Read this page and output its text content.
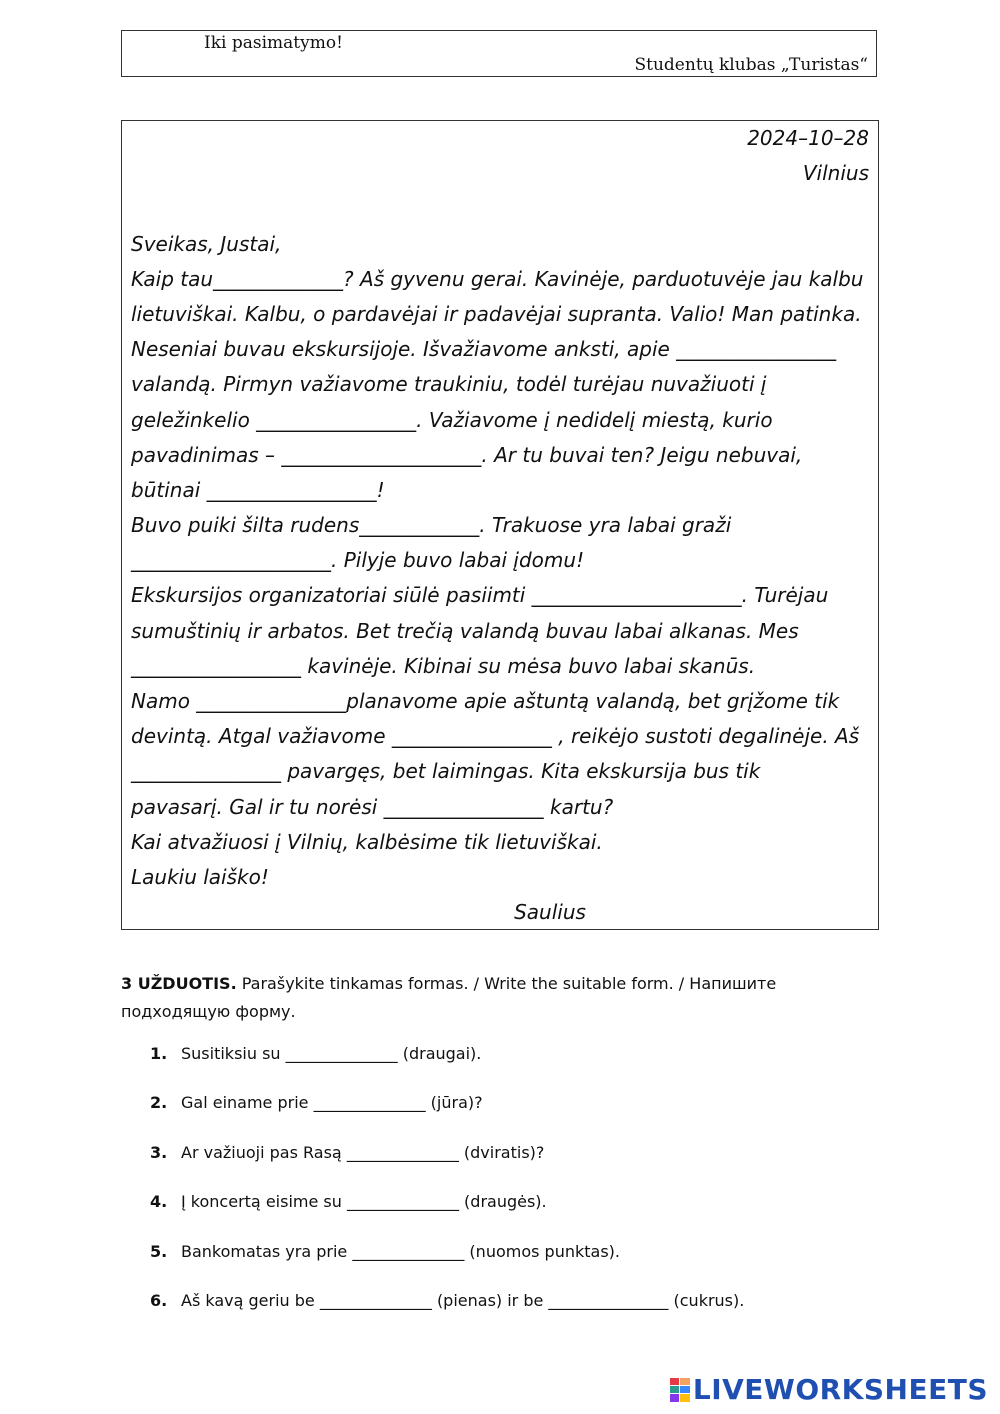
Iki pasimatymo!
Studentų klubas „Turistas“
2024–10–28
Vilnius
Sveikas, Justai,
Kaip tau_____________? Aš gyvenu gerai. Kavinėje, parduotuvėje jau kalbu
lietuviškai. Kalbu, o pardavėjai ir padavėjai supranta. Valio! Man patinka.
Neseniai buvau ekskursijoje. Išvažiavome anksti, apie ________________
valandą. Pirmyn važiavome traukiniu, todėl turėjau nuvažiuoti į
geležinkelio ________________. Važiavome į nedidelį miestą, kurio
pavadinimas – ____________________. Ar tu buvai ten? Jeigu nebuvai,
būtinai _________________!
Buvo puiki šilta rudens____________. Trakuose yra labai graži
____________________. Pilyje buvo labai įdomu!
Ekskursijos organizatoriai siūlė pasiimti _____________________. Turėjau
sumuštinių ir arbatos. Bet trečią valandą buvau labai alkanas. Mes
_________________ kavinėje. Kibinai su mėsa buvo labai skanūs.
Namo _______________planavome apie aštuntą valandą, bet grįžome tik
devintą. Atgal važiavome ________________ , reikėjo sustoti degalinėje. Aš
_______________ pavargęs, bet laimingas. Kita ekskursija bus tik
pavasarį. Gal ir tu norėsi ________________ kartu?
Kai atvažiuosi į Vilnių, kalbėsime tik lietuviškai.
Laukiu laiško!
Saulius
3 UŽDUOTIS. Parašykite tinkamas formas. / Write the suitable form. / Напишите
подходящую форму.
1. Susitiksiu su ______________ (draugai).
2. Gal einame prie ______________ (jūra)?
3. Ar važiuoji pas Rasą ______________ (dviratis)?
4. Į koncertą eisime su ______________ (draugės).
5. Bankomatas yra prie ______________ (nuomos punktas).
6. Aš kavą geriu be ______________ (pienas) ir be _______________ (cukrus).
LIVEWORKSHEETS
